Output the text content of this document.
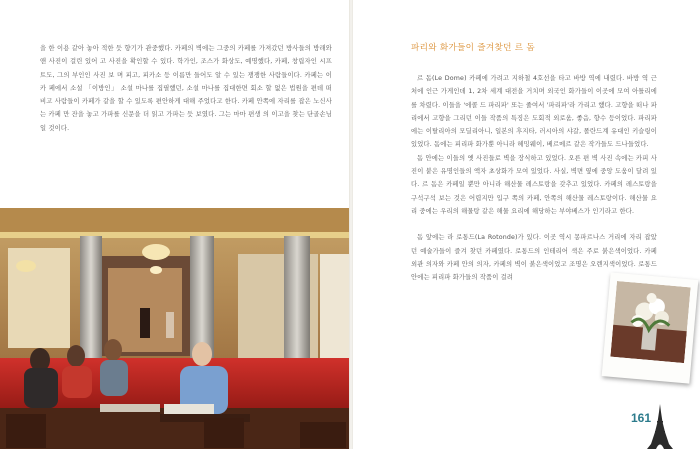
을 한 이용 같아 놓아 적한 듯 향기가 관중했다. 카페의 벽에는 그중의 카페를 가져갔던 방사들의 방래와 앤 사진이 걸린 있어 고 사진을 확인할 수 있다. 학가인, 조스가 화상도, 예명했다, 카페, 창립자인 시프트도, 그의 부인인 사진 보 며 피고, 피카소 등 이름만 들어도 알 수 있는 쟁쟁한 사람들이다. 카페는 이 카 페에서 소설 「이방인」 소설 마나를 집필했던, 소설 마나를 집대한면 회소 할 없은 법원을 편데 떠 비고 사람들이 카페가 같을 할 수 있도록 편안하게 대해 주었다고 한다. 카페 안쪽에 자리를 잡은 노신사는 카페 만 잔을 놓고 가파를 신문을 더 읽고 가파는 듯 보였다. 그는 마마 편생 의 이고을 찾는 단골손님일 것이다.

파리와 화가들이 즐겨찾던 르 돔

르 돔(Le Dome) 카페에 가려고 지하철 4호선을 타고 바방 역에 내렸다. 바방 역 근처에 인근 가게인데 1, 2차 세계 대전을 거치며 외국인 화가들이 이곳에 모여 아틀리에를 차렸다. 이들을 '에콜 드 파리파' 또는 줄여서 '파리파'라 가리고 했다. 고향을 떠나 파리에서 고향을 그리던 이들 작품의 특징은 도회적 외로움, 좋음, 향수 등이었다. 파리파에는 이탈리아의 모딜리아니, 일본의 후지타, 러시아의 샤갈, 폴란드계 유대인 키슬링이 있었다. 돔에는 피리파 화가뿐 아니라 헤밍웨이, 베르메르 같은 작가들도 드나들었다.

돔 안에는 이들의 옛 사진들로 벽을 장식하고 있었다. 오른 편 벽 사진 속에는 카피 사진이 붙은 유명인들의 액자 초상화가 모여 있었다. 사실, 벽면 옆에 중앙 도움이 달려 있다. 르 돔은 카페일 뿐만 아니라 해산물 레스토랑을 갖추고 있었다. 카페의 레스토랑을 구석구석 보는 것은 어렵지만 입구 쪽의 카페, 안쪽의 해산물 레스토랑이다. 해산물 요리 중에는 우리의 해물탕 같은 해물 요리에 해당하는 부야베스가 인기라고 한다.

돔 앞에는 라 로통드(La Rotonde)가 있다. 이곳 역시 몽파르나스 거리에 자리 잡았던 예술가들이 즐겨 찾던 카페였다. 로통드의 인테리어 색은 주로 붉은색이었다. 카페 외관 의자와 카페 안의 의자, 카페의 벽이 붉은색이었고 조명은 오렌지색이었다. 로통드 안에는 피리파 화가들의 작품이 걸려

161
